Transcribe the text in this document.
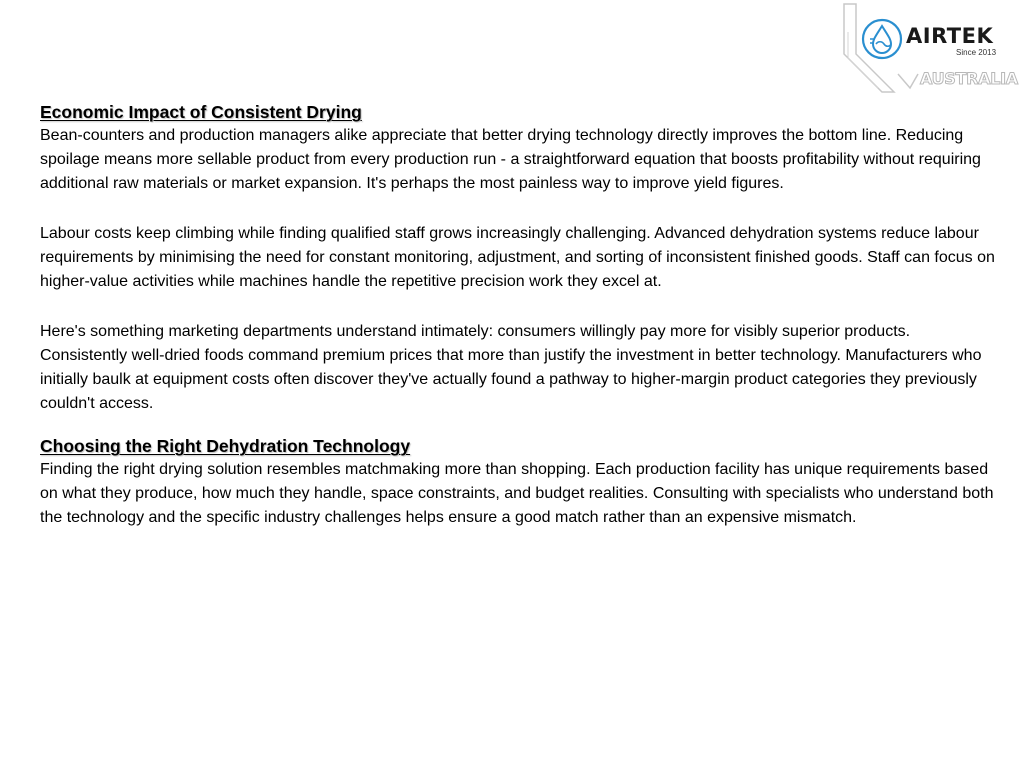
AIRTEK
Since 2013
AUSTRALIA
Economic Impact of Consistent Drying

Bean-counters and production managers alike appreciate that better drying technology directly improves the bottom line. Reducing spoilage means more sellable product from every production run - a straightforward equation that boosts profitability without requiring additional raw materials or market expansion. It's perhaps the most painless way to improve yield figures.

Labour costs keep climbing while finding qualified staff grows increasingly challenging. Advanced dehydration systems reduce labour requirements by minimising the need for constant monitoring, adjustment, and sorting of inconsistent finished goods. Staff can focus on higher-value activities while machines handle the repetitive precision work they excel at.

Here's something marketing departments understand intimately: consumers willingly pay more for visibly superior products. Consistently well-dried foods command premium prices that more than justify the investment in better technology. Manufacturers who initially baulk at equipment costs often discover they've actually found a pathway to higher-margin product categories they previously couldn't access.

Choosing the Right Dehydration Technology

Finding the right drying solution resembles matchmaking more than shopping. Each production facility has unique requirements based on what they produce, how much they handle, space constraints, and budget realities. Consulting with specialists who understand both the technology and the specific industry challenges helps ensure a good match rather than an expensive mismatch.
